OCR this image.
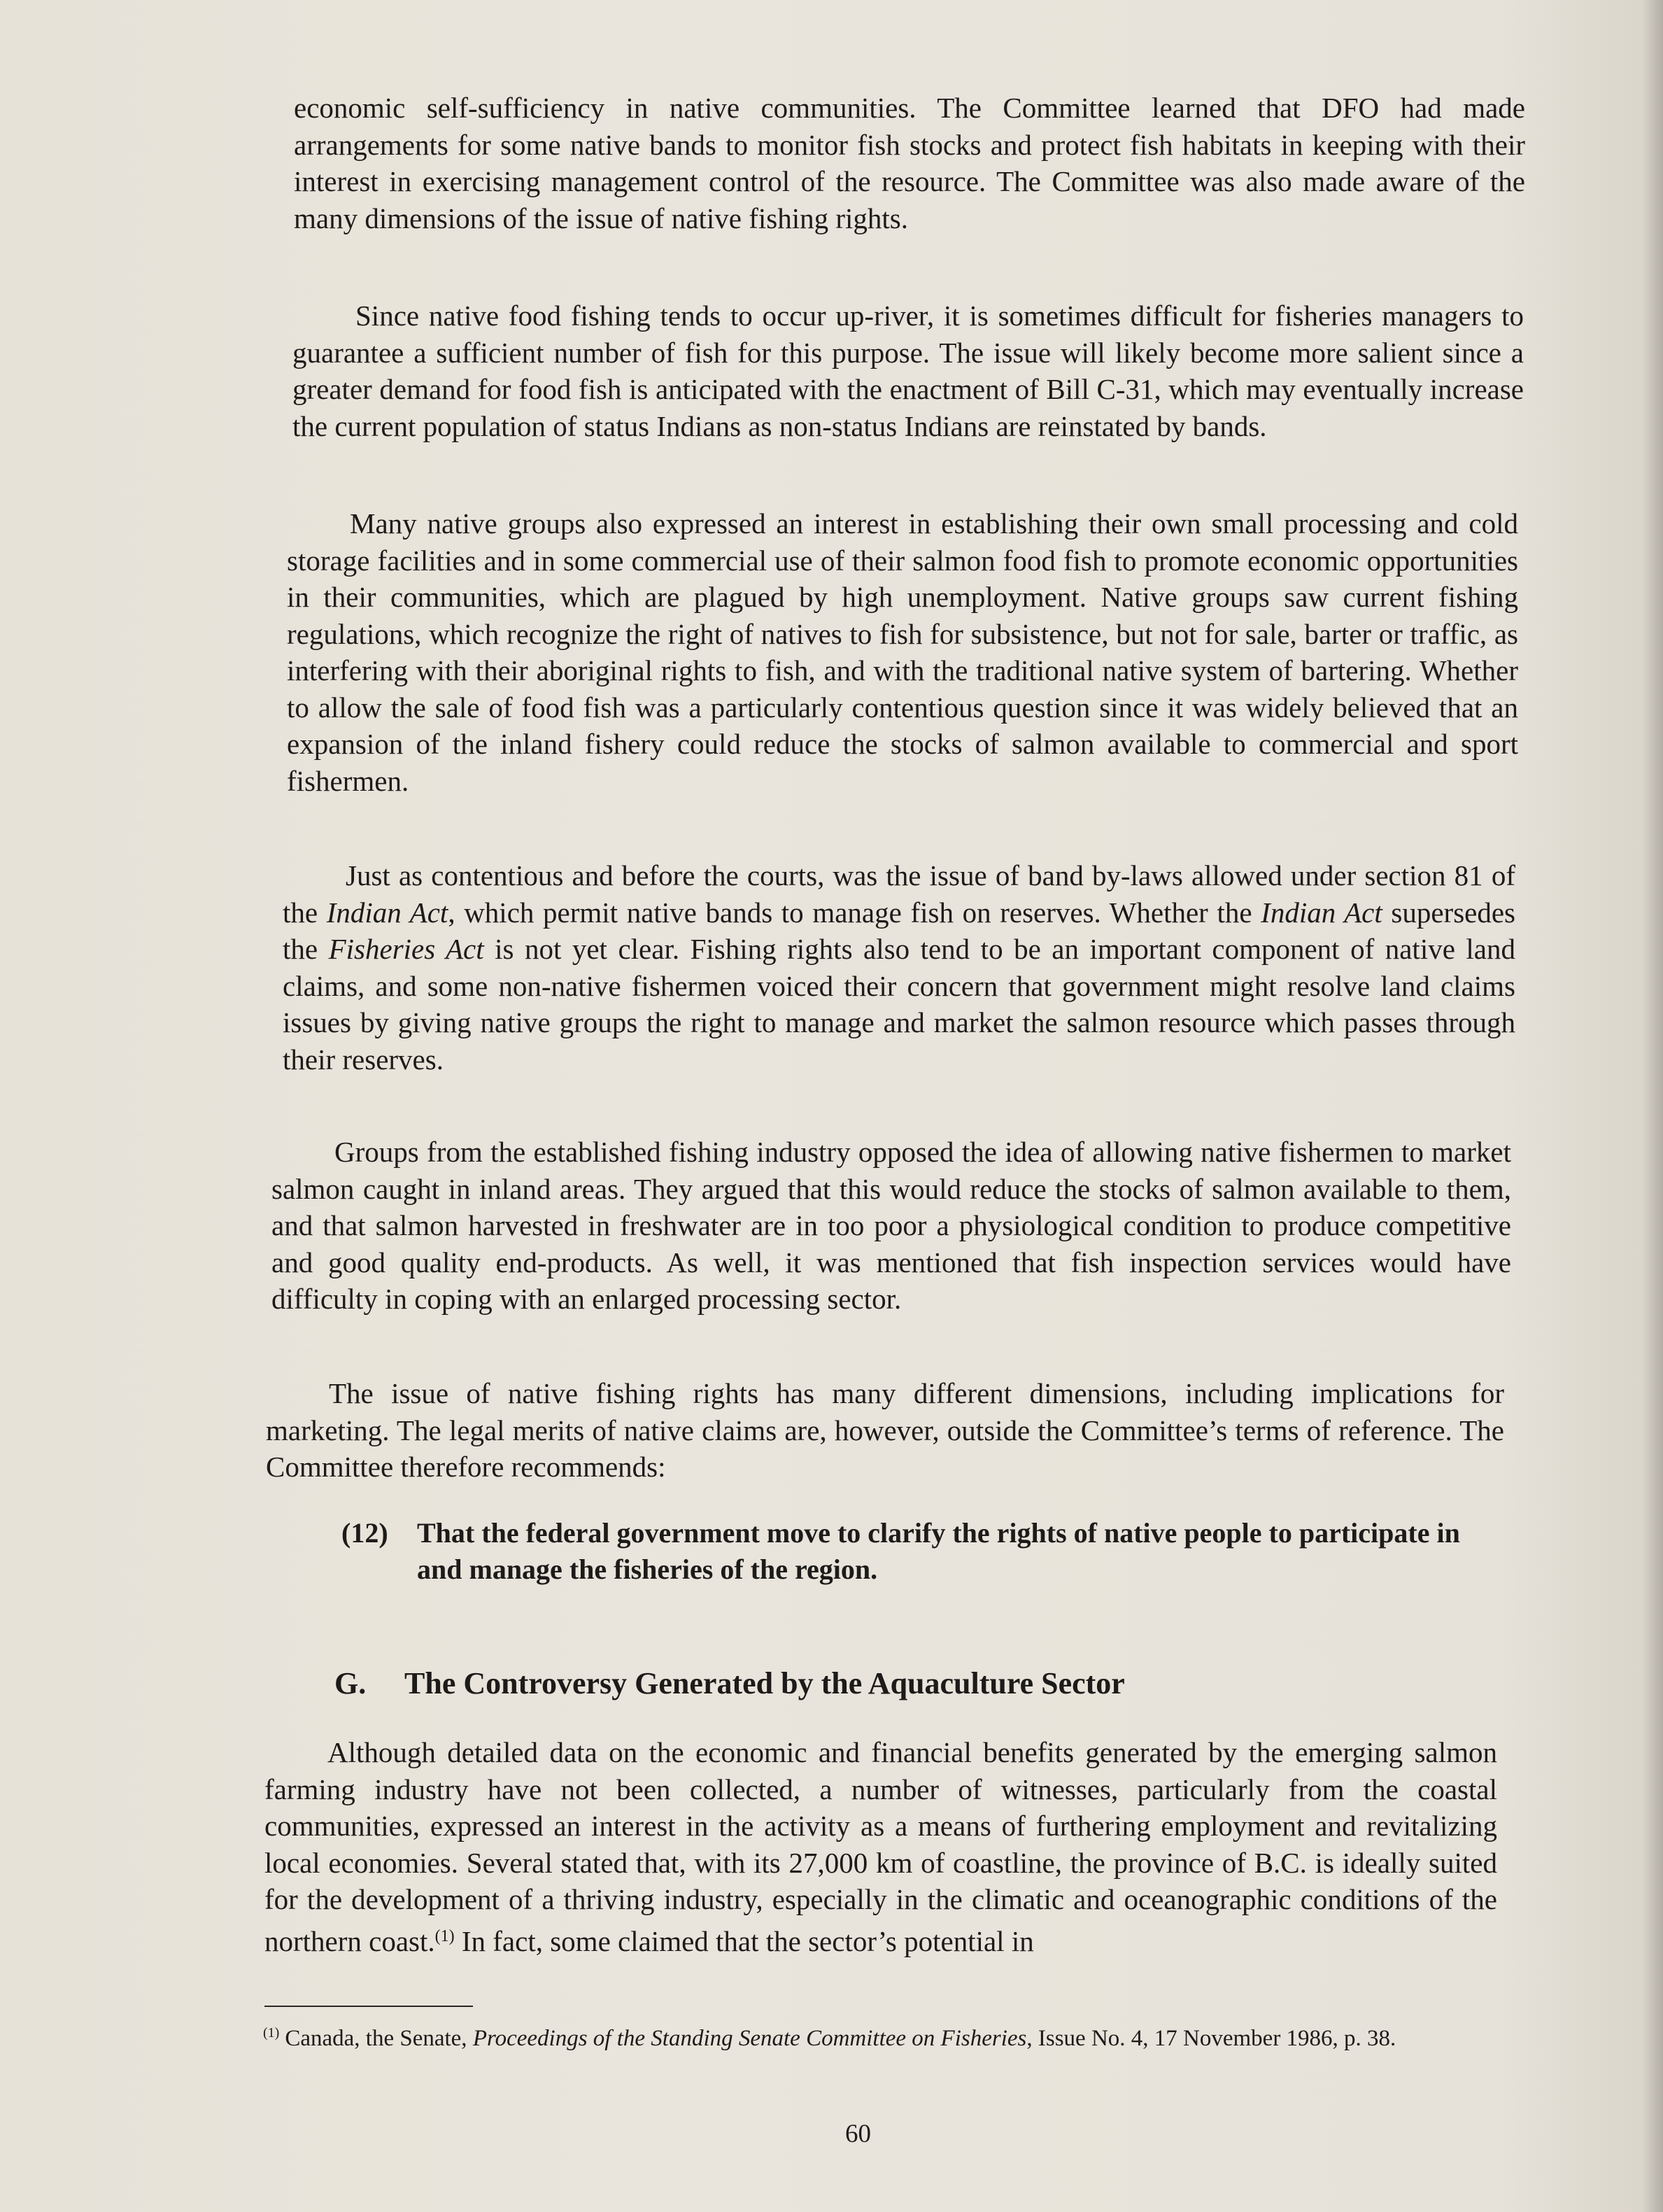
economic self-sufficiency in native communities. The Committee learned that DFO had made arrangements for some native bands to monitor fish stocks and protect fish habitats in keeping with their interest in exercising management control of the resource. The Committee was also made aware of the many dimensions of the issue of native fishing rights.

Since native food fishing tends to occur up-river, it is sometimes difficult for fisheries managers to guarantee a sufficient number of fish for this purpose. The issue will likely become more salient since a greater demand for food fish is anticipated with the enactment of Bill C-31, which may eventually increase the current population of status Indians as non-status Indians are reinstated by bands.

Many native groups also expressed an interest in establishing their own small processing and cold storage facilities and in some commercial use of their salmon food fish to promote economic opportunities in their communities, which are plagued by high unemployment. Native groups saw current fishing regulations, which recognize the right of natives to fish for subsistence, but not for sale, barter or traffic, as interfering with their aboriginal rights to fish, and with the traditional native system of bartering. Whether to allow the sale of food fish was a particularly contentious question since it was widely believed that an expansion of the inland fishery could reduce the stocks of salmon available to commercial and sport fishermen.

Just as contentious and before the courts, was the issue of band by-laws allowed under section 81 of the Indian Act, which permit native bands to manage fish on reserves. Whether the Indian Act supersedes the Fisheries Act is not yet clear. Fishing rights also tend to be an important component of native land claims, and some non-native fishermen voiced their concern that government might resolve land claims issues by giving native groups the right to manage and market the salmon resource which passes through their reserves.

Groups from the established fishing industry opposed the idea of allowing native fishermen to market salmon caught in inland areas. They argued that this would reduce the stocks of salmon available to them, and that salmon harvested in freshwater are in too poor a physiological condition to produce competitive and good quality end-products. As well, it was mentioned that fish inspection services would have difficulty in coping with an enlarged processing sector.

The issue of native fishing rights has many different dimensions, including implications for marketing. The legal merits of native claims are, however, outside the Committee’s terms of reference. The Committee therefore recommends:

(12)	That the federal government move to clarify the rights of native people to participate in and manage the fisheries of the region.
G. The Controversy Generated by the Aquaculture Sector

Although detailed data on the economic and financial benefits generated by the emerging salmon farming industry have not been collected, a number of witnesses, particularly from the coastal communities, expressed an interest in the activity as a means of furthering employment and revitalizing local economies. Several stated that, with its 27,000 km of coastline, the province of B.C. is ideally suited for the development of a thriving industry, especially in the climatic and oceanographic conditions of the northern coast.$^{(1)}$ In fact, some claimed that the sector’s potential in

$^{(1)}$ Canada, the Senate, Proceedings of the Standing Senate Committee on Fisheries, Issue No. 4, 17 November 1986, p. 38.

60
